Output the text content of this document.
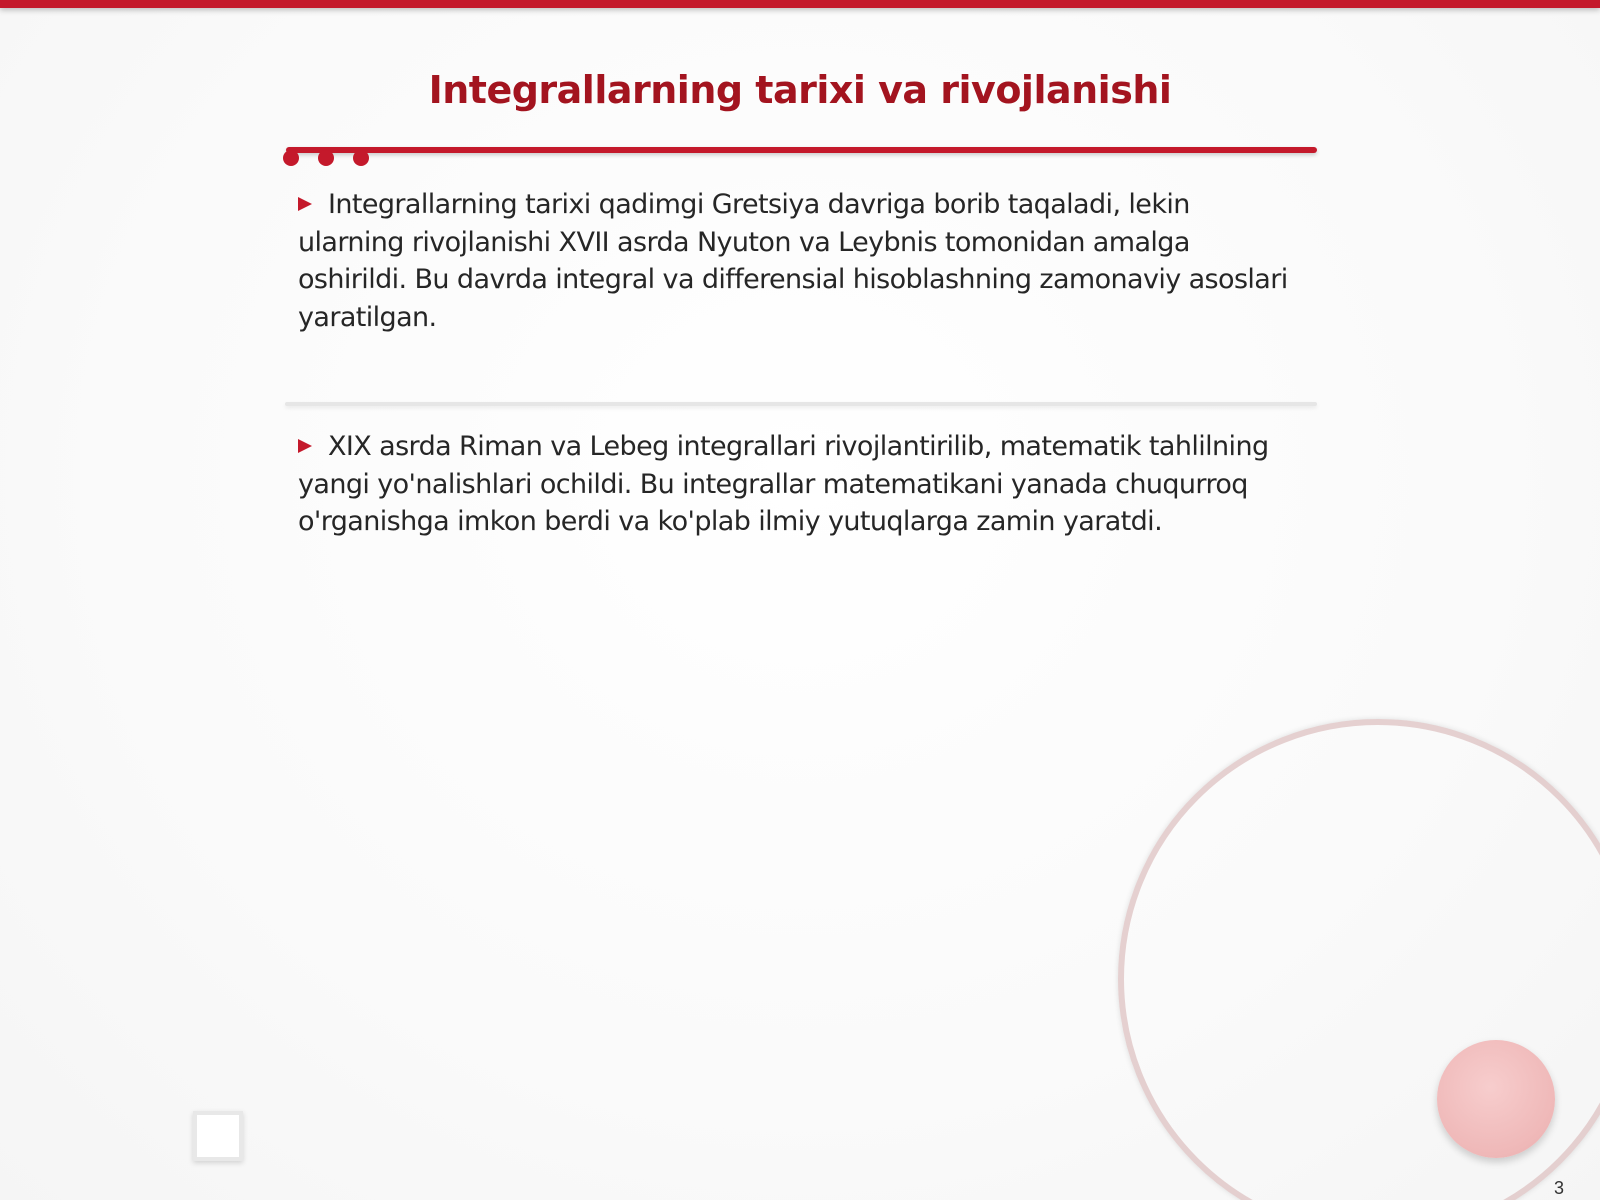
Integrallarning tarixi va rivojlanishi
Integrallarning tarixi qadimgi Gretsiya davriga borib taqaladi, lekin ularning rivojlanishi XVII asrda Nyuton va Leybnis tomonidan amalga oshirildi. Bu davrda integral va differensial hisoblashning zamonaviy asoslari yaratilgan.
XIX asrda Riman va Lebeg integrallari rivojlantirilib, matematik tahlilning yangi yo'nalishlari ochildi. Bu integrallar matematikani yanada chuqurroq o'rganishga imkon berdi va ko'plab ilmiy yutuqlarga zamin yaratdi.
3
